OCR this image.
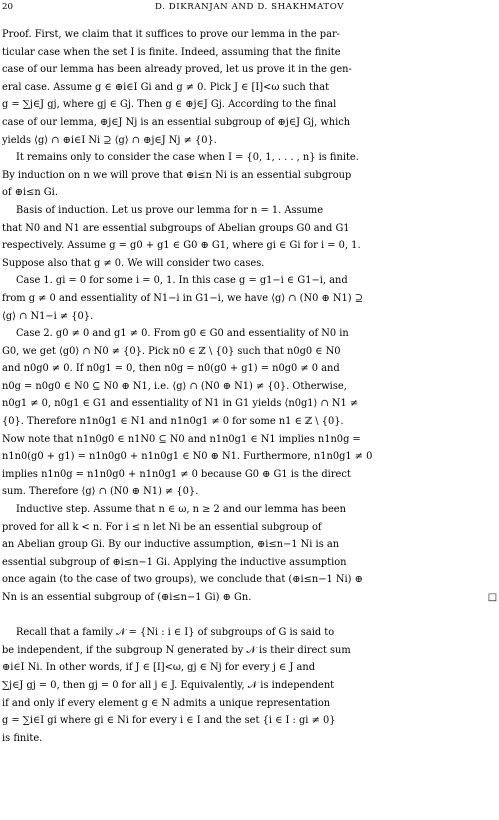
20	D. DIKRANJAN AND D. SHAKHMATOV
Proof. First, we claim that it suffices to prove our lemma in the par-
ticular case when the set I is finite. Indeed, assuming that the finite
case of our lemma has been already proved, let us prove it in the gen-
eral case. Assume g ∈ ⊕i∈I Gi and g ≠ 0. Pick J ∈ [I]<ω such that
g = ∑j∈J gj, where gj ∈ Gj. Then g ∈ ⊕j∈J Gj. According to the final
case of our lemma, ⊕j∈J Nj is an essential subgroup of ⊕j∈J Gj, which
yields ⟨g⟩ ∩ ⊕i∈I Ni ⊇ ⟨g⟩ ∩ ⊕j∈J Nj ≠ {0}.
It remains only to consider the case when I = {0, 1, . . . , n} is finite.
By induction on n we will prove that ⊕i≤n Ni is an essential subgroup
of ⊕i≤n Gi.
Basis of induction. Let us prove our lemma for n = 1. Assume
that N0 and N1 are essential subgroups of Abelian groups G0 and G1
respectively. Assume g = g0 + g1 ∈ G0 ⊕ G1, where gi ∈ Gi for i = 0, 1.
Suppose also that g ≠ 0. We will consider two cases.
Case 1. gi = 0 for some i = 0, 1. In this case g = g1−i ∈ G1−i, and
from g ≠ 0 and essentiality of N1−i in G1−i, we have ⟨g⟩ ∩ (N0 ⊕ N1) ⊇
⟨g⟩ ∩ N1−i ≠ {0}.
Case 2. g0 ≠ 0 and g1 ≠ 0. From g0 ∈ G0 and essentiality of N0 in
G0, we get ⟨g0⟩ ∩ N0 ≠ {0}. Pick n0 ∈ ℤ \ {0} such that n0g0 ∈ N0
and n0g0 ≠ 0. If n0g1 = 0, then n0g = n0(g0 + g1) = n0g0 ≠ 0 and
n0g = n0g0 ∈ N0 ⊆ N0 ⊕ N1, i.e. ⟨g⟩ ∩ (N0 ⊕ N1) ≠ {0}. Otherwise,
n0g1 ≠ 0, n0g1 ∈ G1 and essentiality of N1 in G1 yields ⟨n0g1⟩ ∩ N1 ≠
{0}. Therefore n1n0g1 ∈ N1 and n1n0g1 ≠ 0 for some n1 ∈ ℤ \ {0}.
Now note that n1n0g0 ∈ n1N0 ⊆ N0 and n1n0g1 ∈ N1 implies n1n0g =
n1n0(g0 + g1) = n1n0g0 + n1n0g1 ∈ N0 ⊕ N1. Furthermore, n1n0g1 ≠ 0
implies n1n0g = n1n0g0 + n1n0g1 ≠ 0 because G0 ⊕ G1 is the direct
sum. Therefore ⟨g⟩ ∩ (N0 ⊕ N1) ≠ {0}.
Inductive step. Assume that n ∈ ω, n ≥ 2 and our lemma has been
proved for all k < n. For i ≤ n let Ni be an essential subgroup of
an Abelian group Gi. By our inductive assumption, ⊕i≤n−1 Ni is an
essential subgroup of ⊕i≤n−1 Gi. Applying the inductive assumption
once again (to the case of two groups), we conclude that (⊕i≤n−1 Ni) ⊕
Nn is an essential subgroup of (⊕i≤n−1 Gi) ⊕ Gn.	□
Recall that a family 𝒩 = {Ni : i ∈ I} of subgroups of G is said to
be independent, if the subgroup N generated by 𝒩 is their direct sum
⊕i∈I Ni. In other words, if J ∈ [I]<ω, gj ∈ Nj for every j ∈ J and
∑j∈J gj = 0, then gj = 0 for all j ∈ J. Equivalently, 𝒩 is independent
if and only if every element g ∈ N admits a unique representation
g = ∑i∈I gi where gi ∈ Ni for every i ∈ I and the set {i ∈ I : gi ≠ 0}
is finite.
